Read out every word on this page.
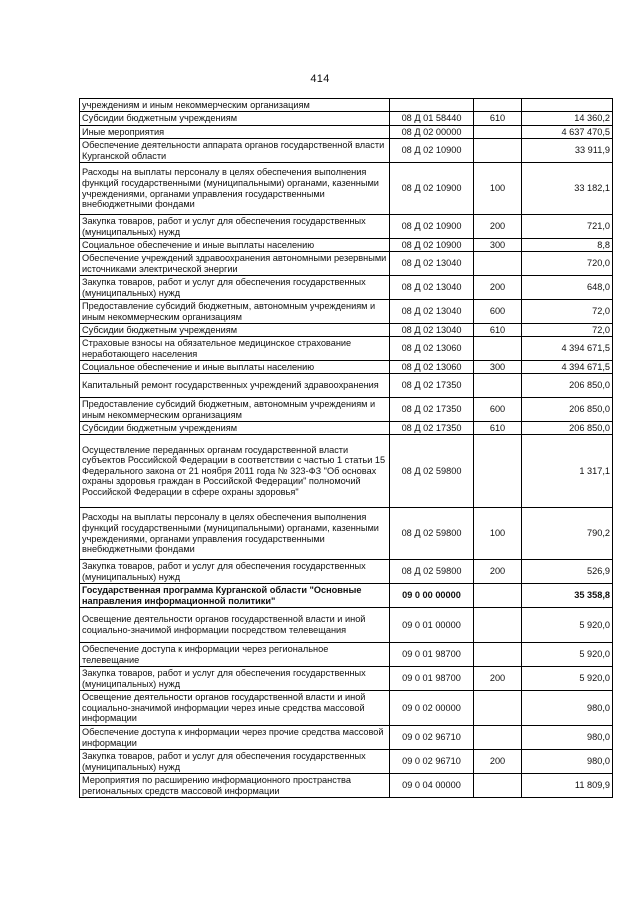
414
учреждениям и иным некоммерческим организациям			
Субсидии бюджетным учреждениям	08 Д 01 58440	610	14 360,2
Иные мероприятия	08 Д 02 00000		4 637 470,5
Обеспечение деятельности аппарата органов государственной власти Курганской области	08 Д 02 10900		33 911,9
Расходы на выплаты персоналу в целях обеспечения выполнения функций государственными (муниципальными) органами, казенными учреждениями, органами управления государственными внебюджетными фондами	08 Д 02 10900	100	33 182,1
Закупка товаров, работ и услуг для обеспечения государственных (муниципальных) нужд	08 Д 02 10900	200	721,0
Социальное обеспечение и иные выплаты населению	08 Д 02 10900	300	8,8
Обеспечение учреждений здравоохранения автономными резервными источниками электрической энергии	08 Д 02 13040		720,0
Закупка товаров, работ и услуг для обеспечения государственных (муниципальных) нужд	08 Д 02 13040	200	648,0
Предоставление субсидий бюджетным, автономным учреждениям и иным некоммерческим организациям	08 Д 02 13040	600	72,0
Субсидии бюджетным учреждениям	08 Д 02 13040	610	72,0
Страховые взносы на обязательное медицинское страхование неработающего населения	08 Д 02 13060		4 394 671,5
Социальное обеспечение и иные выплаты населению	08 Д 02 13060	300	4 394 671,5
Капитальный ремонт государственных учреждений здравоохранения	08 Д 02 17350		206 850,0
Предоставление субсидий бюджетным, автономным учреждениям и иным некоммерческим организациям	08 Д 02 17350	600	206 850,0
Субсидии бюджетным учреждениям	08 Д 02 17350	610	206 850,0
Осуществление переданных органам государственной власти субъектов Российской Федерации в соответствии с частью 1 статьи 15 Федерального закона от 21 ноября 2011 года № 323-ФЗ "Об основах охраны здоровья граждан в Российской Федерации" полномочий Российской Федерации в сфере охраны здоровья"	08 Д 02 59800		1 317,1
Расходы на выплаты персоналу в целях обеспечения выполнения функций государственными (муниципальными) органами, казенными учреждениями, органами управления государственными внебюджетными фондами	08 Д 02 59800	100	790,2
Закупка товаров, работ и услуг для обеспечения государственных (муниципальных) нужд	08 Д 02 59800	200	526,9
Государственная программа Курганской области "Основные направления информационной политики"	09 0 00 00000		35 358,8
Освещение деятельности органов государственной власти и иной социально-значимой информации посредством телевещания	09 0 01 00000		5 920,0
Обеспечение доступа к информации через региональное телевещание	09 0 01 98700		5 920,0
Закупка товаров, работ и услуг для обеспечения государственных (муниципальных) нужд	09 0 01 98700	200	5 920,0
Освещение деятельности органов государственной власти и иной социально-значимой информации через иные средства массовой информации	09 0 02 00000		980,0
Обеспечение доступа к информации через прочие средства массовой информации	09 0 02 96710		980,0
Закупка товаров, работ и услуг для обеспечения государственных (муниципальных) нужд	09 0 02 96710	200	980,0
Мероприятия по расширению информационного пространства региональных средств массовой информации	09 0 04 00000		11 809,9
